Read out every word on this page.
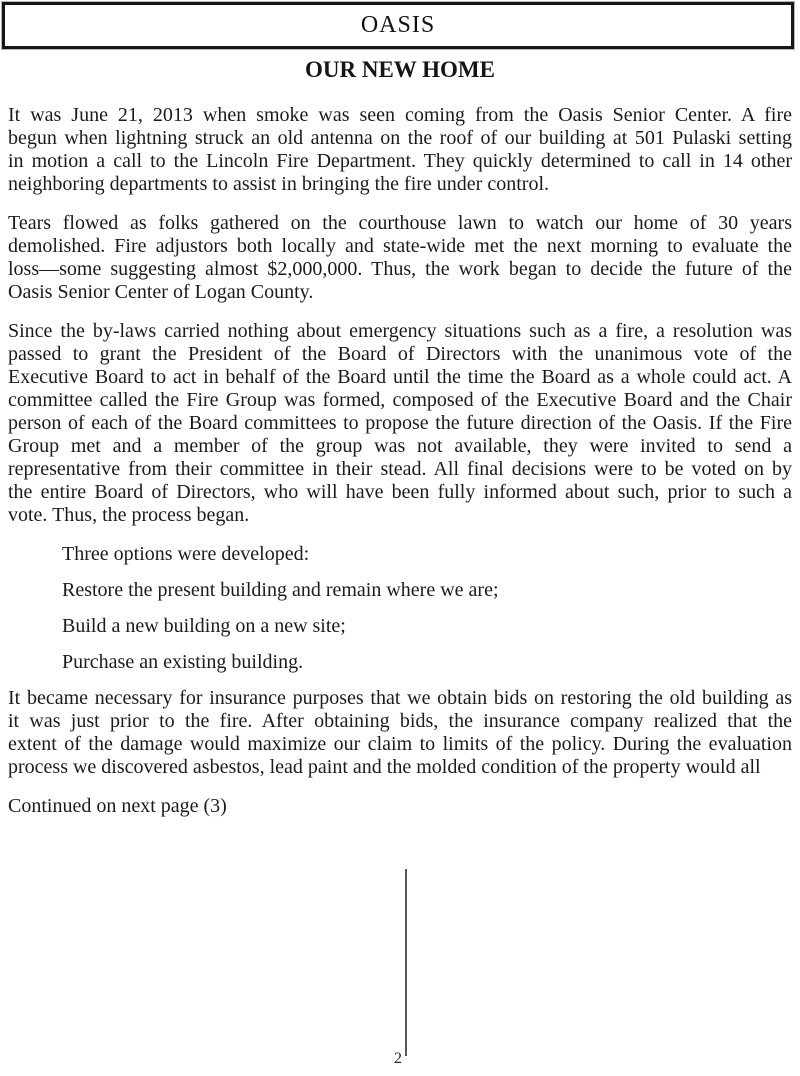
OASIS
OUR NEW HOME
It was June 21, 2013 when smoke was seen coming from the Oasis Senior Center. A fire
begun when lightning struck an old antenna on the roof of our building at 501 Pulaski setting
in motion a call to the Lincoln Fire Department. They quickly determined to call in 14 other
neighboring departments to assist in bringing the fire under control.
Tears flowed as folks gathered on the courthouse lawn to watch our home of 30 years
demolished. Fire adjustors both locally and state-wide met the next morning to evaluate the
loss—some suggesting almost $2,000,000. Thus, the work began to decide the future of the
Oasis Senior Center of Logan County.
Since the by-laws carried nothing about emergency situations such as a fire, a resolution was
passed to grant the President of the Board of Directors with the unanimous vote of the
Executive Board to act in behalf of the Board until the time the Board as a whole could act. A
committee called the Fire Group was formed, composed of the Executive Board and the Chair
person of each of the Board committees to propose the future direction of the Oasis. If the Fire
Group met and a member of the group was not available, they were invited to send a
representative from their committee in their stead. All final decisions were to be voted on by
the entire Board of Directors, who will have been fully informed about such, prior to such a
vote. Thus, the process began.
Three options were developed:
Restore the present building and remain where we are;
Build a new building on a new site;
Purchase an existing building.
It became necessary for insurance purposes that we obtain bids on restoring the old building as
it was just prior to the fire. After obtaining bids, the insurance company realized that the
extent of the damage would maximize our claim to limits of the policy. During the evaluation
process we discovered asbestos, lead paint and the molded condition of the property would all
Continued on next page (3)
2
